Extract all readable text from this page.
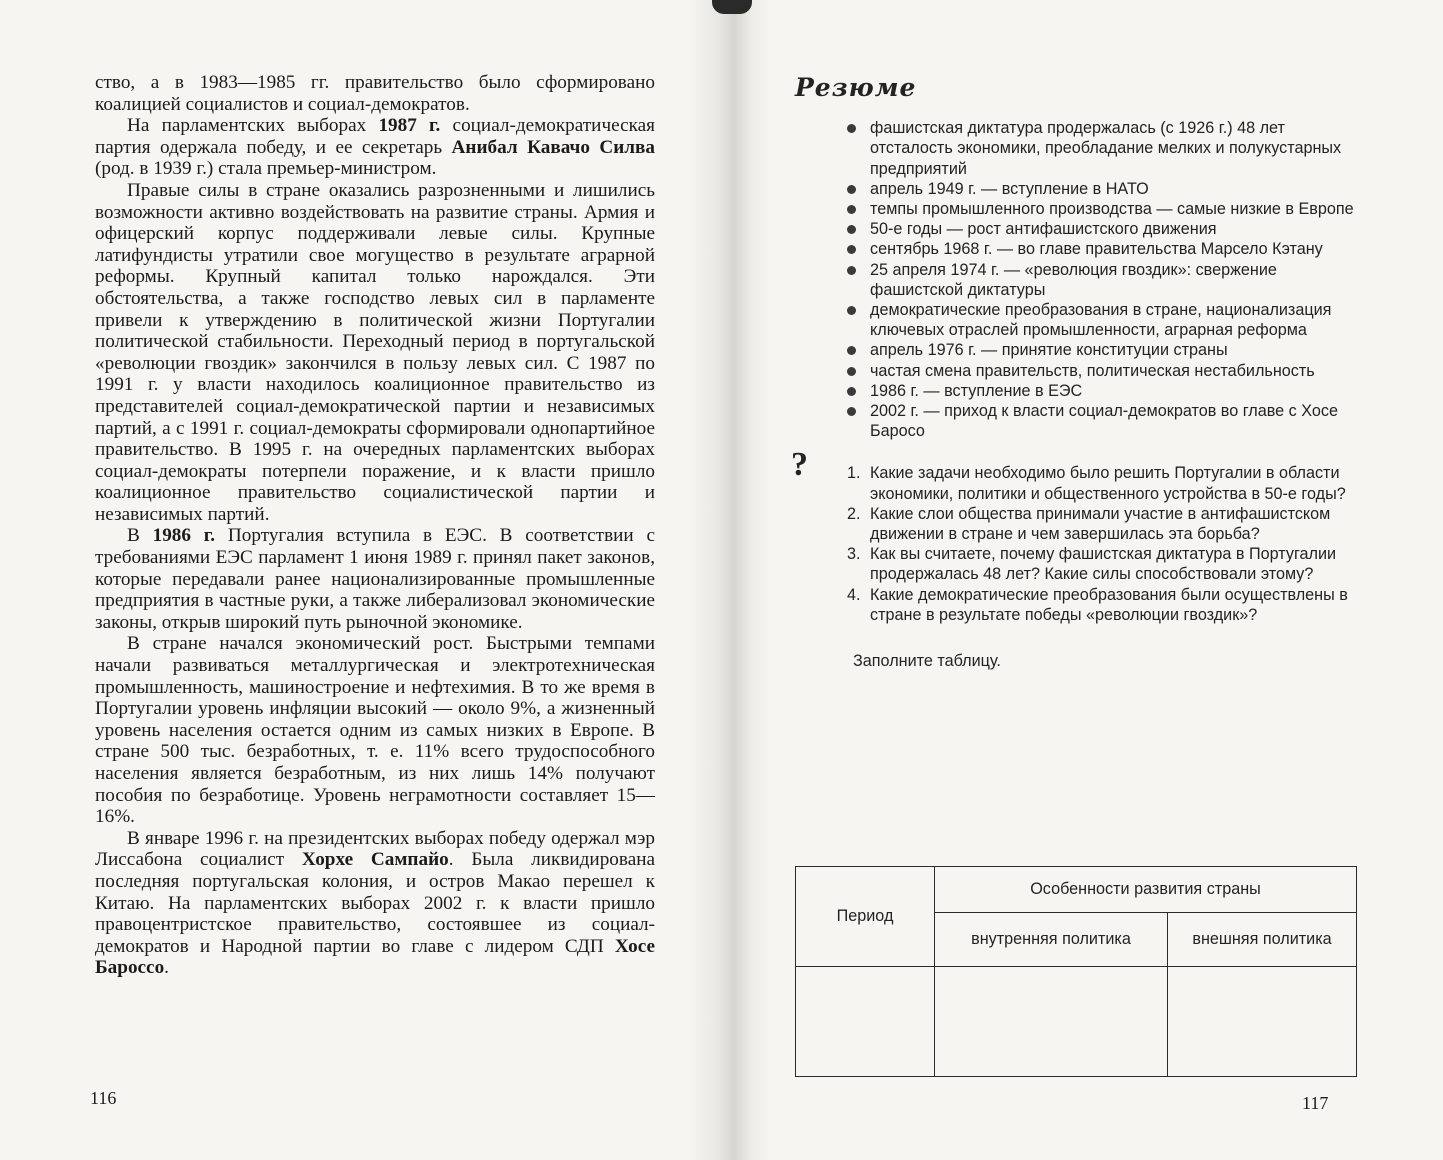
ство, а в 1983—1985 гг. правительство было сформировано коалицией социалистов и социал-демократов.

На парламентских выборах 1987 г. социал-демократическая партия одержала победу, и ее секретарь Анибал Кавачо Силва (род. в 1939 г.) стала премьер-министром.

Правые силы в стране оказались разрозненными и лишились возможности активно воздействовать на развитие страны. Армия и офицерский корпус поддерживали левые силы. Крупные латифундисты утратили свое могущество в результате аграрной реформы. Крупный капитал только нарождался. Эти обстоятельства, а также господство левых сил в парламенте привели к утверждению в политической жизни Португалии политической стабильности. Переходный период в португальской «революции гвоздик» закончился в пользу левых сил. С 1987 по 1991 г. у власти находилось коалиционное правительство из представителей социал-демократической партии и независимых партий, а с 1991 г. социал-демократы сформировали однопартийное правительство. В 1995 г. на очередных парламентских выборах социал-демократы потерпели поражение, и к власти пришло коалиционное правительство социалистической партии и независимых партий.

В 1986 г. Португалия вступила в ЕЭС. В соответствии с требованиями ЕЭС парламент 1 июня 1989 г. принял пакет законов, которые передавали ранее национализированные промышленные предприятия в частные руки, а также либерализовал экономические законы, открыв широкий путь рыночной экономике.

В стране начался экономический рост. Быстрыми темпами начали развиваться металлургическая и электротехническая промышленность, машиностроение и нефтехимия. В то же время в Португалии уровень инфляции высокий — около 9%, а жизненный уровень населения остается одним из самых низких в Европе. В стране 500 тыс. безработных, т. е. 11% всего трудоспособного населения является безработным, из них лишь 14% получают пособия по безработице. Уровень неграмотности составляет 15—16%.

В январе 1996 г. на президентских выборах победу одержал мэр Лиссабона социалист Хорхе Сампайо. Была ликвидирована последняя португальская колония, и остров Макао перешел к Китаю. На парламентских выборах 2002 г. к власти пришло правоцентристское правительство, состоявшее из социал-демократов и Народной партии во главе с лидером СДП Хосе Бароссо.

116
Резюме
фашистская диктатура продержалась (с 1926 г.) 48 лет отсталость экономики, преобладание мелких и полукустарных предприятий
апрель 1949 г. — вступление в НАТО
темпы промышленного производства — самые низкие в Европе
50-е годы — рост антифашистского движения
сентябрь 1968 г. — во главе правительства Марсело Кэтану
25 апреля 1974 г. — «революция гвоздик»: свержение фашистской диктатуры
демократические преобразования в стране, национализация ключевых отраслей промышленности, аграрная реформа
апрель 1976 г. — принятие конституции страны
частая смена правительств, политическая нестабильность
1986 г. — вступление в ЕЭС
2002 г. — приход к власти социал-демократов во главе с Хосе Баросо
? 1. Какие задачи необходимо было решить Португалии в области экономики, политики и общественного устройства в 50-е годы?
2. Какие слои общества принимали участие в антифашистском движении в стране и чем завершилась эта борьба?
3. Как вы считаете, почему фашистская диктатура в Португалии продержалась 48 лет? Какие силы способствовали этому?
4. Какие демократические преобразования были осуществлены в стране в результате победы «революции гвоздик»?
Заполните таблицу.
Период	Особенности развития страны	
	внутренняя политика	внешняя политика

117
